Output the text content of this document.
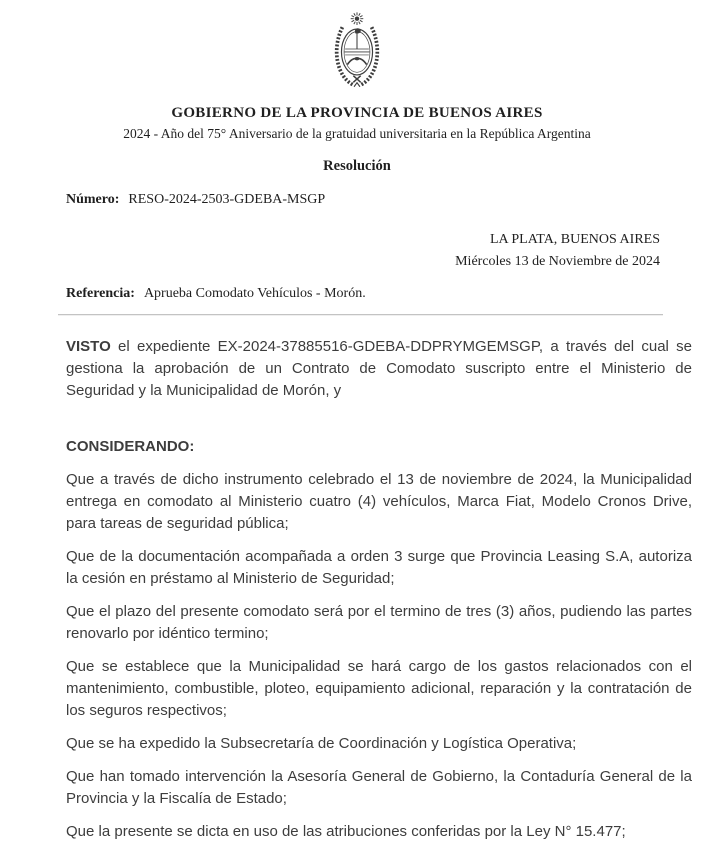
GOBIERNO DE LA PROVINCIA DE BUENOS AIRES
2024 - Año del 75° Aniversario de la gratuidad universitaria en la República Argentina
Resolución
Número: RESO-2024-2503-GDEBA-MSGP
LA PLATA, BUENOS AIRES
Miércoles 13 de Noviembre de 2024
Referencia: Aprueba Comodato Vehículos - Morón.

VISTO el expediente EX-2024-37885516-GDEBA-DDPRYMGEMSGP, a través del cual se gestiona la aprobación de un Contrato de Comodato suscripto entre el Ministerio de Seguridad y la Municipalidad de Morón, y

CONSIDERANDO:

Que a través de dicho instrumento celebrado el 13 de noviembre de 2024, la Municipalidad entrega en comodato al Ministerio cuatro (4) vehículos, Marca Fiat, Modelo Cronos Drive, para tareas de seguridad pública;

Que de la documentación acompañada a orden 3 surge que Provincia Leasing S.A, autoriza la cesión en préstamo al Ministerio de Seguridad;

Que el plazo del presente comodato será por el termino de tres (3) años, pudiendo las partes renovarlo por idéntico termino;

Que se establece que la Municipalidad se hará cargo de los gastos relacionados con el mantenimiento, combustible, ploteo, equipamiento adicional, reparación y la contratación de los seguros respectivos;

Que se ha expedido la Subsecretaría de Coordinación y Logística Operativa;

Que han tomado intervención la Asesoría General de Gobierno, la Contaduría General de la Provincia y la Fiscalía de Estado;

Que la presente se dicta en uso de las atribuciones conferidas por la Ley N° 15.477;
